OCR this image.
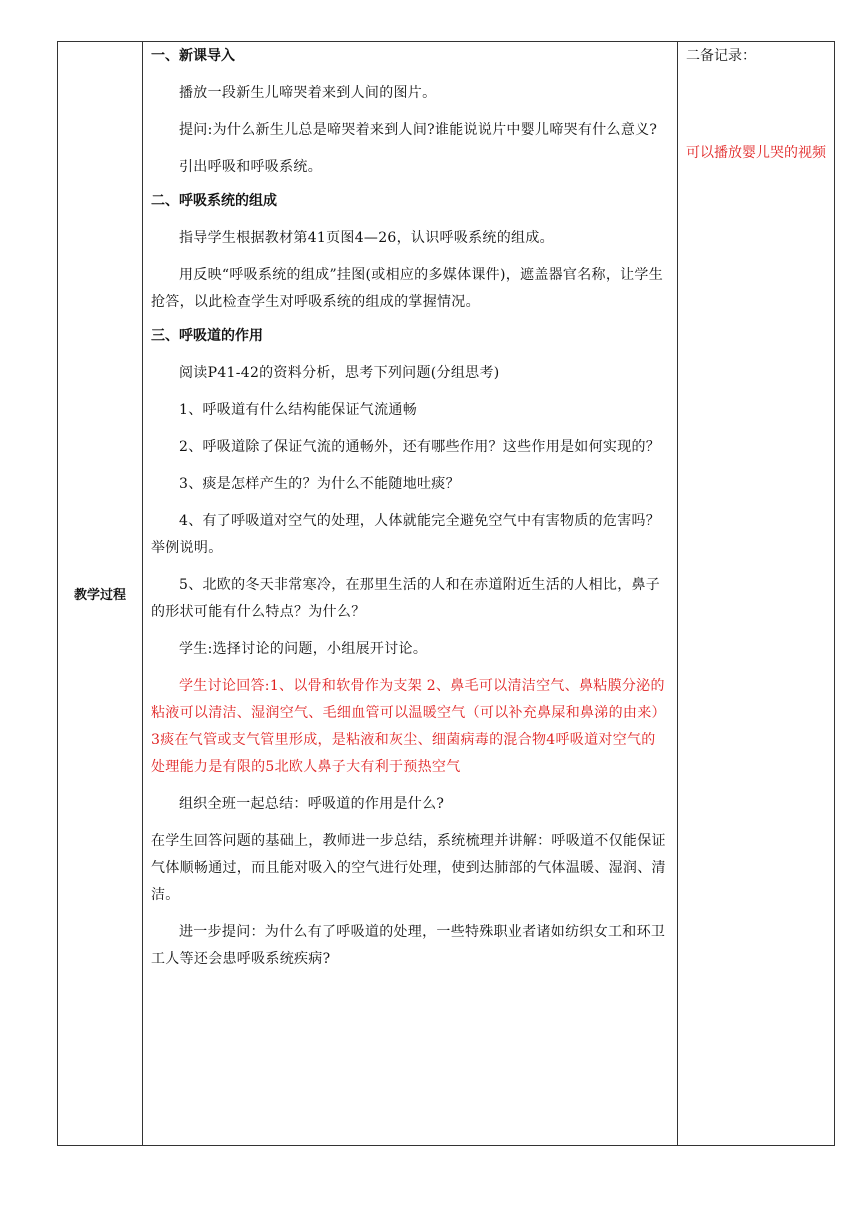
教学过程	
一、新课导入

播放一段新生儿啼哭着来到人间的图片。

提问:为什么新生儿总是啼哭着来到人间?谁能说说片中婴儿啼哭有什么意义?

引出呼吸和呼吸系统。

二、呼吸系统的组成

指导学生根据教材第41页图4—26，认识呼吸系统的组成。

用反映“呼吸系统的组成”挂图(或相应的多媒体课件)，遮盖器官名称，让学生抢答，以此检查学生对呼吸系统的组成的掌握情况。

三、呼吸道的作用

阅读P41-42的资料分析，思考下列问题(分组思考)

1、呼吸道有什么结构能保证气流通畅

2、呼吸道除了保证气流的通畅外，还有哪些作用？这些作用是如何实现的？

3、痰是怎样产生的？为什么不能随地吐痰？

4、有了呼吸道对空气的处理，人体就能完全避免空气中有害物质的危害吗？举例说明。

5、北欧的冬天非常寒冷，在那里生活的人和在赤道附近生活的人相比，鼻子的形状可能有什么特点？为什么？

学生:选择讨论的问题，小组展开讨论。

学生讨论回答:1、以骨和软骨作为支架 2、鼻毛可以清洁空气、鼻粘膜分泌的粘液可以清洁、湿润空气、毛细血管可以温暖空气（可以补充鼻屎和鼻涕的由来）3痰在气管或支气管里形成，是粘液和灰尘、细菌病毒的混合物4呼吸道对空气的处理能力是有限的5北欧人鼻子大有利于预热空气

组织全班一起总结：呼吸道的作用是什么?

在学生回答问题的基础上，教师进一步总结，系统梳理并讲解：呼吸道不仅能保证气体顺畅通过，而且能对吸入的空气进行处理，使到达肺部的气体温暖、湿润、清洁。

进一步提问：为什么有了呼吸道的处理，一些特殊职业者诸如纺织女工和环卫工人等还会患呼吸系统疾病?

二备记录：

可以播放婴儿哭的视频
